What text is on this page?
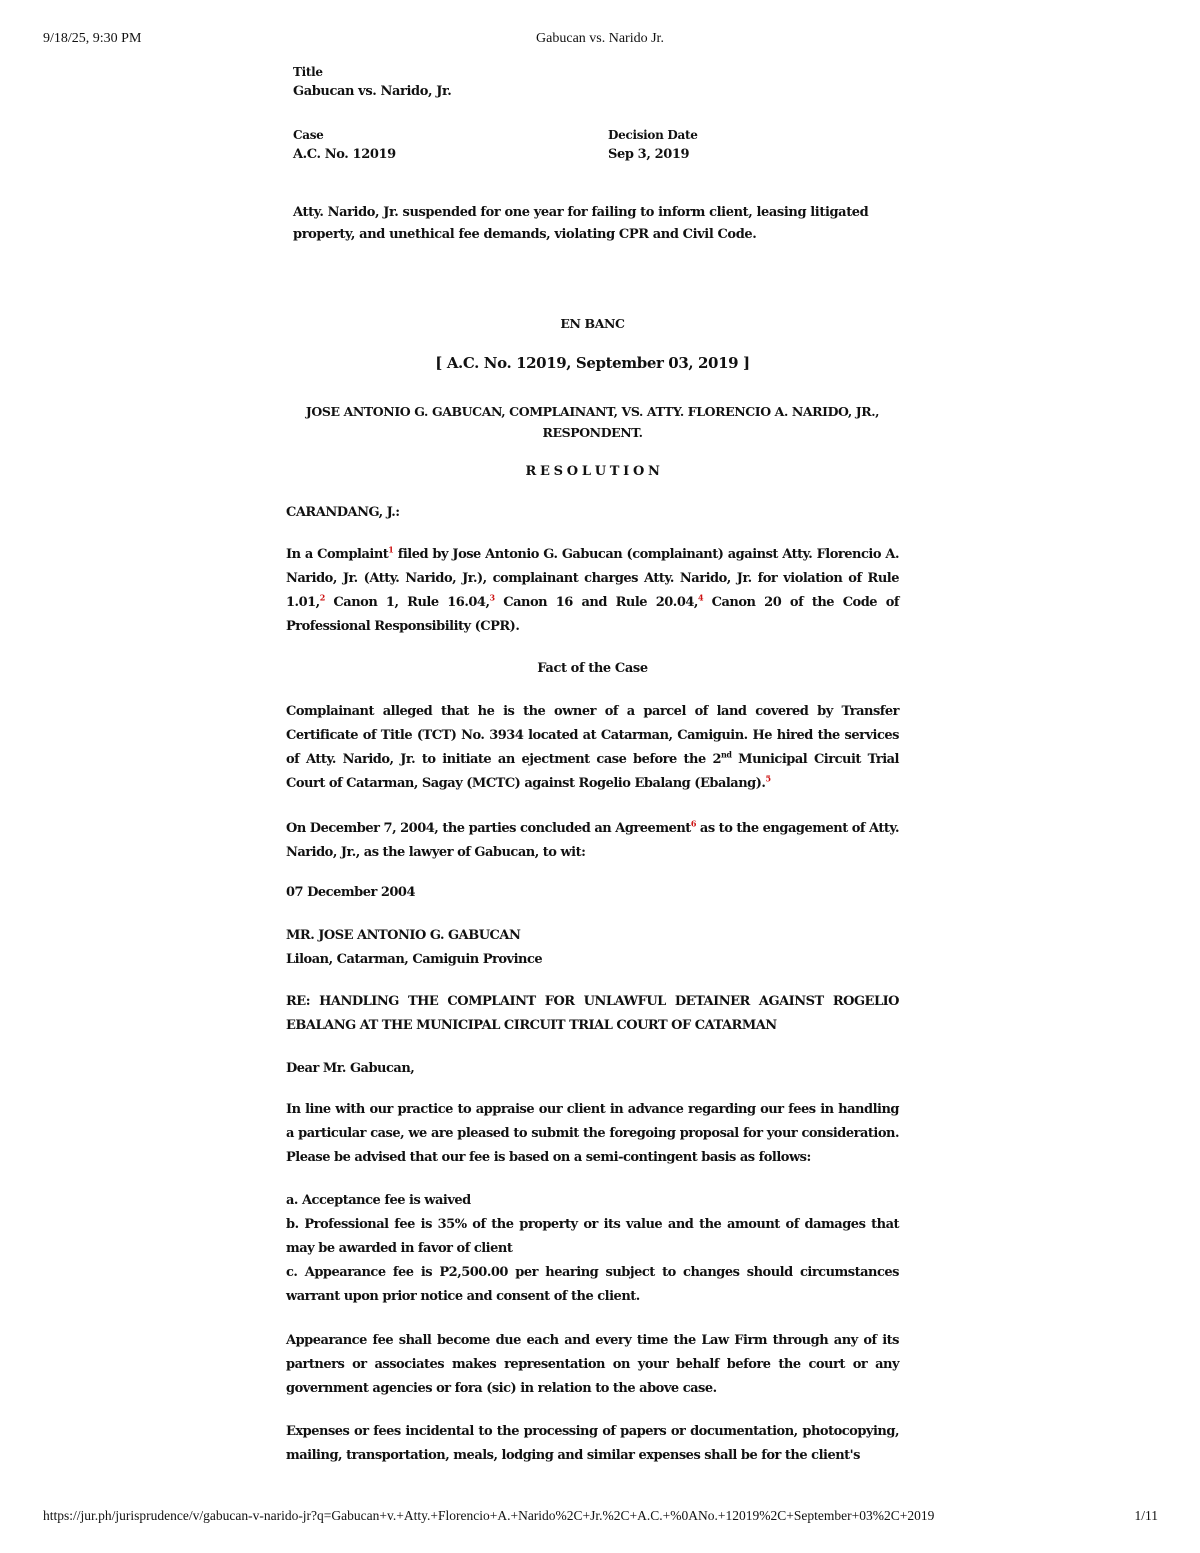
9/18/25, 9:30 PM	Gabucan vs. Narido Jr.
Title
Gabucan vs. Narido, Jr.
Case
A.C. No. 12019
Decision Date
Sep 3, 2019
Atty. Narido, Jr. suspended for one year for failing to inform client, leasing litigated property, and unethical fee demands, violating CPR and Civil Code.
EN BANC
[ A.C. No. 12019, September 03, 2019 ]
JOSE ANTONIO G. GABUCAN, COMPLAINANT, VS. ATTY. FLORENCIO A. NARIDO, JR., RESPONDENT.
R E S O L U T I O N
CARANDANG, J.:

In a Complaint$^1$ filed by Jose Antonio G. Gabucan (complainant) against Atty. Florencio A. Narido, Jr. (Atty. Narido, Jr.), complainant charges Atty. Narido, Jr. for violation of Rule 1.01,$^2$ Canon 1, Rule 16.04,$^3$ Canon 16 and Rule 20.04,$^4$ Canon 20 of the Code of Professional Responsibility (CPR).

Fact of the Case

Complainant alleged that he is the owner of a parcel of land covered by Transfer Certificate of Title (TCT) No. 3934 located at Catarman, Camiguin. He hired the services of Atty. Narido, Jr. to initiate an ejectment case before the 2nd Municipal Circuit Trial Court of Catarman, Sagay (MCTC) against Rogelio Ebalang (Ebalang).$^5$

On December 7, 2004, the parties concluded an Agreement$^6$ as to the engagement of Atty. Narido, Jr., as the lawyer of Gabucan, to wit:

07 December 2004
MR. JOSE ANTONIO G. GABUCAN
Liloan, Catarman, Camiguin Province
RE: HANDLING THE COMPLAINT FOR UNLAWFUL DETAINER AGAINST ROGELIO EBALANG AT THE MUNICIPAL CIRCUIT TRIAL COURT OF CATARMAN
Dear Mr. Gabucan,
In line with our practice to appraise our client in advance regarding our fees in handling a particular case, we are pleased to submit the foregoing proposal for your consideration. Please be advised that our fee is based on a semi-contingent basis as follows:
a. Acceptance fee is waived
b. Professional fee is 35% of the property or its value and the amount of damages that may be awarded in favor of client
c. Appearance fee is P2,500.00 per hearing subject to changes should circumstances warrant upon prior notice and consent of the client.
Appearance fee shall become due each and every time the Law Firm through any of its partners or associates makes representation on your behalf before the court or any government agencies or fora (sic) in relation to the above case.
Expenses or fees incidental to the processing of papers or documentation, photocopying, mailing, transportation, meals, lodging and similar expenses shall be for the client's
https://jur.ph/jurisprudence/v/gabucan-v-narido-jr?q=Gabucan+v.+Atty.+Florencio+A.+Narido%2C+Jr.%2C+A.C.+%0ANo.+12019%2C+September+03%2C+2019	1/11
